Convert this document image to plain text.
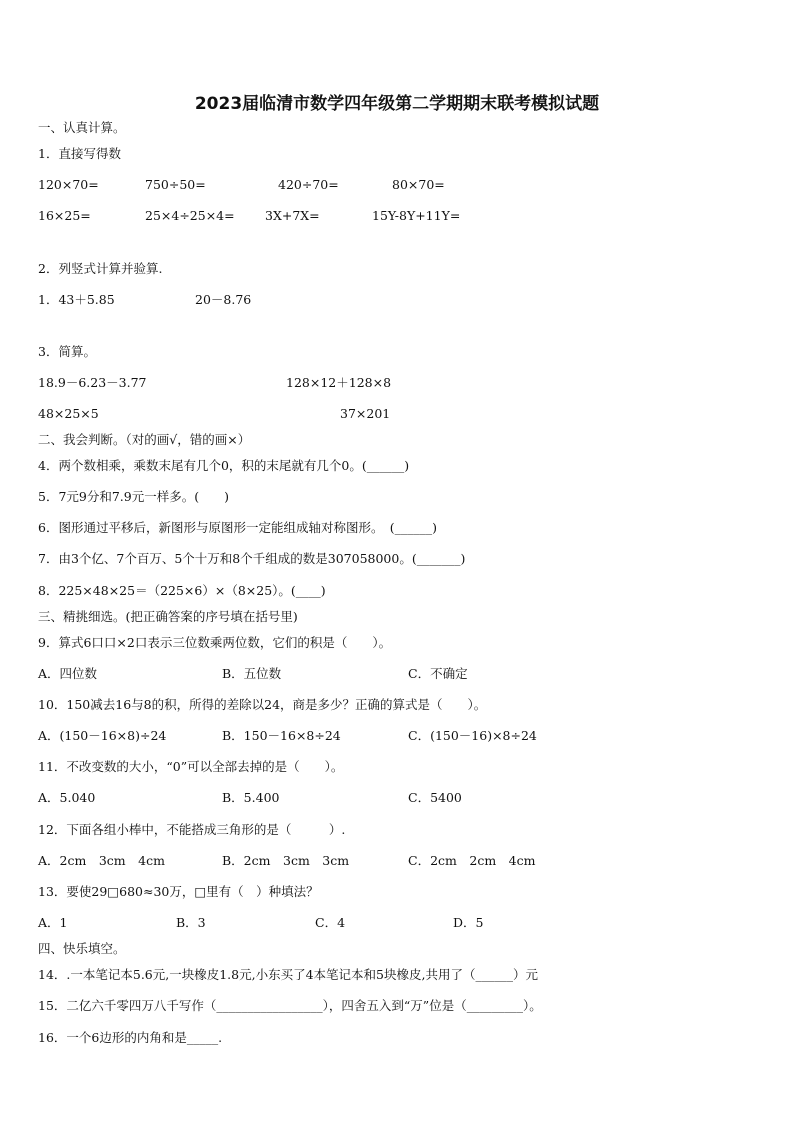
2023届临清市数学四年级第二学期期末联考模拟试题
一、认真计算。
1．直接写得数
120×70=	750÷50=	420÷70=	80×70=
16×25=	25×4÷25×4= 3X+7X=	15Y-8Y+11Y=
2．列竖式计算并验算.
1．43＋5.85	20－8.76
3．简算。
18.9－6.23－3.77	128×12＋128×8
48×25×5	37×201
二、我会判断。（对的画√，错的画×）
4．两个数相乘，乘数末尾有几个0，积的末尾就有几个0。(______)
5．7元9分和7.9元一样多。(　　)
6．图形通过平移后，新图形与原图形一定能组成轴对称图形。　(______)
7．由3个亿、7个百万、5个十万和8个千组成的数是307058000。(_______)
8．225×48×25＝（225×6）×（8×25）。(____)
三、精挑细选。(把正确答案的序号填在括号里)
9．算式6口口×2口表示三位数乘两位数，它们的积是（　　）。
A．四位数	B．五位数	C．不确定
10．150减去16与8的积，所得的差除以24，商是多少？正确的算式是（　　）。
A．(150－16×8)÷24	B．150－16×8÷24	C．(150－16)×8÷24
11．不改变数的大小，“0”可以全部去掉的是（　　）。
A．5.040	B．5.400	C．5400
12．下面各组小棒中，不能搭成三角形的是（　　　）.
A．2cm　3cm　4cm	B．2cm　3cm　3cm	C．2cm　2cm　4cm
13．要使29□680≈30万，□里有（　）种填法？
A．1	B．3	C．4	D．5
四、快乐填空。
14．.一本笔记本5.6元,一块橡皮1.8元,小东买了4本笔记本和5块橡皮,共用了（______）元
15．二亿六千零四万八千写作（_________________），四舍五入到“万”位是（_________）。
16．一个6边形的内角和是_____.
